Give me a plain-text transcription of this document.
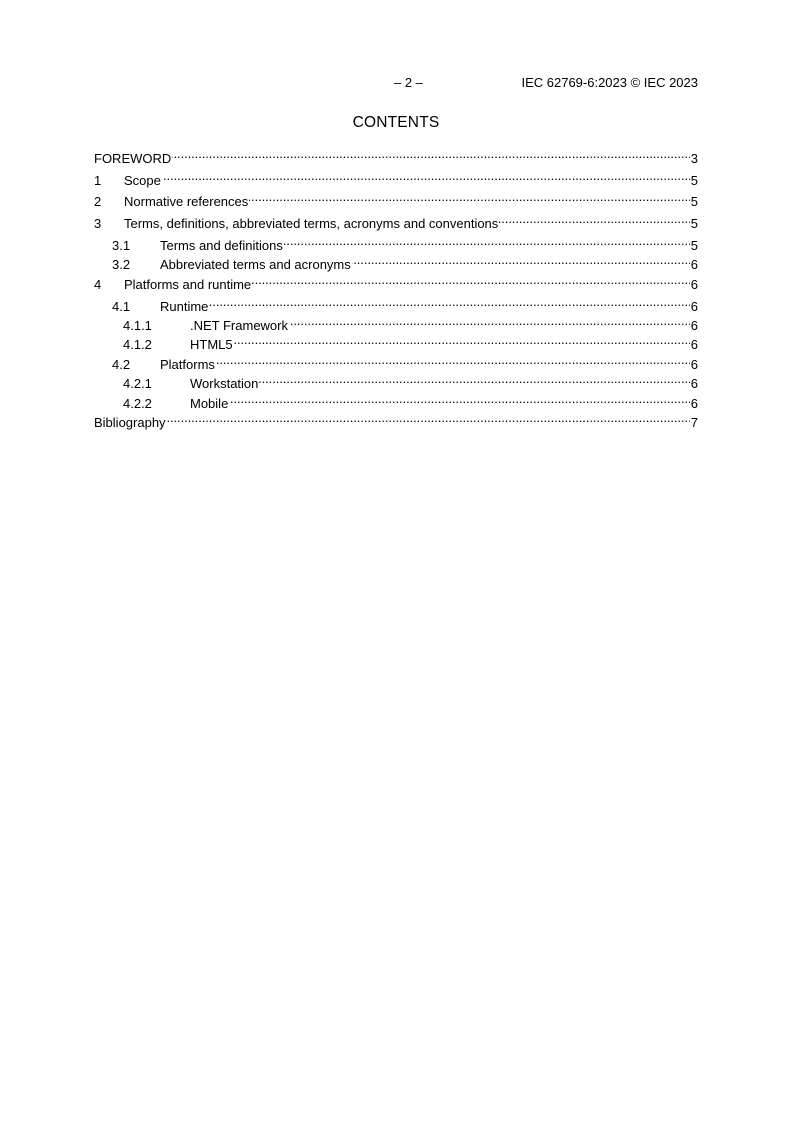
– 2 –	IEC 62769-6:2023 © IEC 2023
CONTENTS
FOREWORD . . .	3
1	Scope . . .	5
2	Normative references . . .	5
3	Terms, definitions, abbreviated terms, acronyms and conventions . . .	5
3.1	Terms and definitions . . .	5
3.2	Abbreviated terms and acronyms . . .	6
4	Platforms and runtime . . .	6
4.1	Runtime . . .	6
4.1.1	.NET Framework . . .	6
4.1.2	HTML5 . . .	6
4.2	Platforms . . .	6
4.2.1	Workstation . . .	6
4.2.2	Mobile . . .	6
Bibliography . . .	7
